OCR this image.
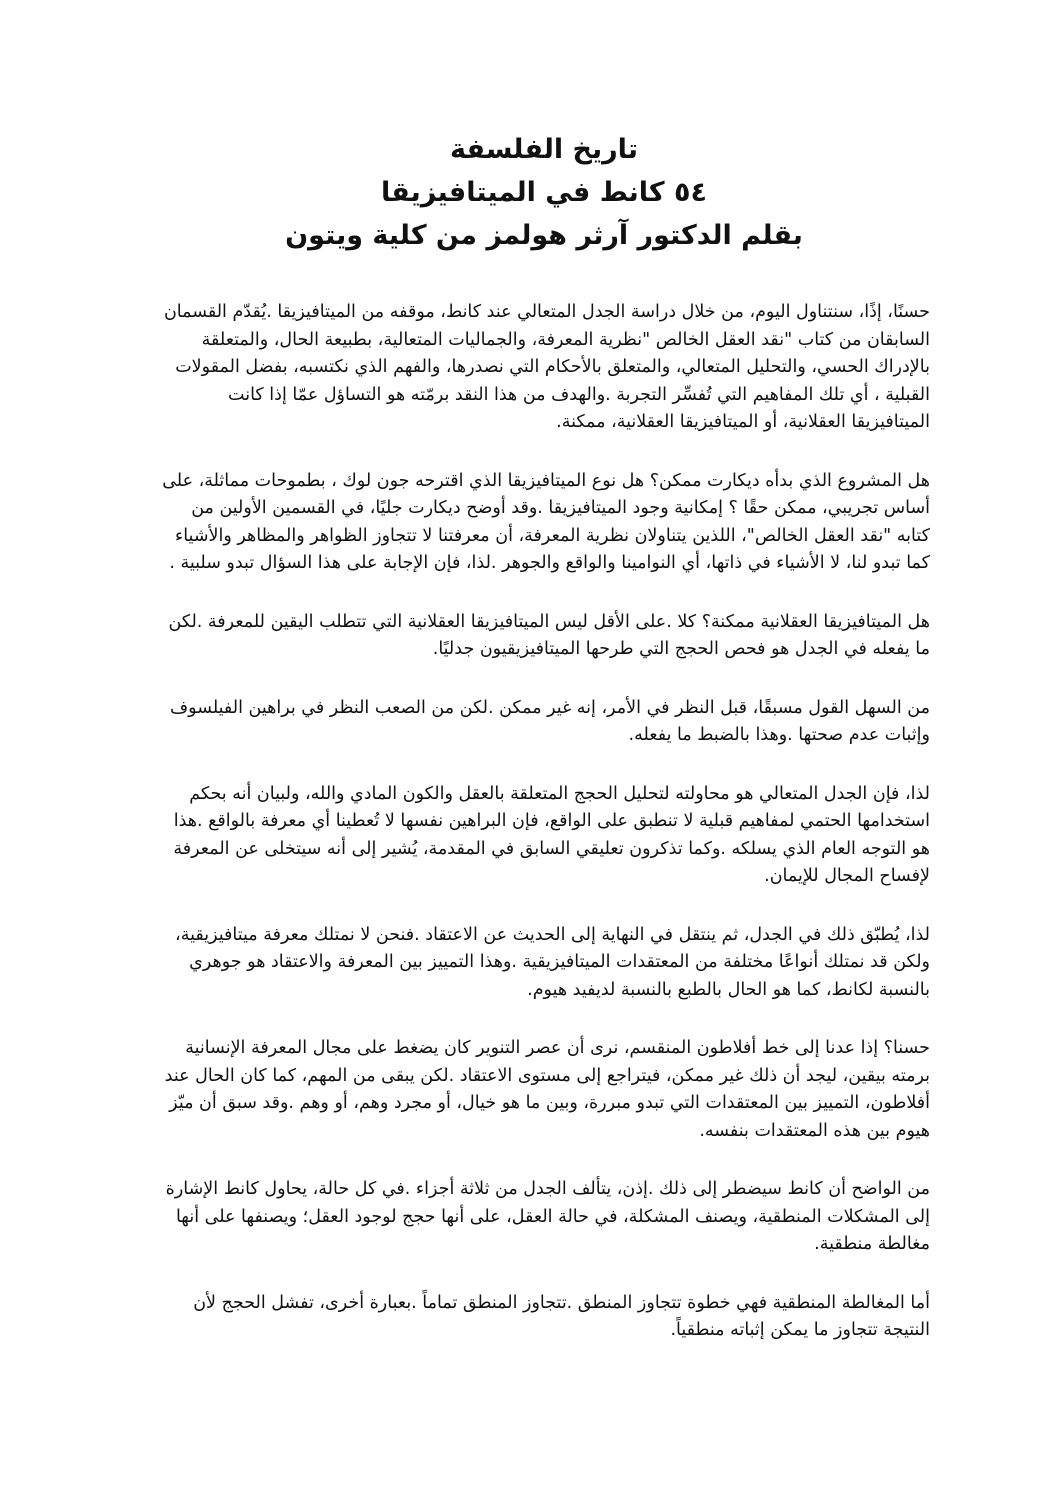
تاريخ الفلسفة

٥٤ كانط في الميتافيزيقا

بقلم الدكتور آرثر هولمز من كلية ويتون

حسنًا، إذًا، سنتناول اليوم، من خلال دراسة الجدل المتعالي عند كانط، موقفه من الميتافيزيقا .يُقدّم القسمان السابقان من كتاب "نقد العقل الخالص "نظرية المعرفة، والجماليات المتعالية، بطبيعة الحال، والمتعلقة بالإدراك الحسي، والتحليل المتعالي، والمتعلق بالأحكام التي نصدرها، والفهم الذي نكتسبه، بفضل المقولات القبلية ، أي تلك المفاهيم التي تُفسِّر التجربة .والهدف من هذا النقد برمّته هو التساؤل عمّا إذا كانت الميتافيزيقا العقلانية، أو الميتافيزيقا العقلانية، ممكنة.

هل المشروع الذي بدأه ديكارت ممكن؟ هل نوع الميتافيزيقا الذي اقترحه جون لوك ، بطموحات مماثلة، على أساس تجريبي، ممكن حقًا ؟ إمكانية وجود الميتافيزيقا .وقد أوضح ديكارت جليًا، في القسمين الأولين من كتابه "نقد العقل الخالص"، اللذين يتناولان نظرية المعرفة، أن معرفتنا لا تتجاوز الظواهر والمظاهر والأشياء كما تبدو لنا، لا الأشياء في ذاتها، أي النوامينا والواقع والجوهر .لذا، فإن الإجابة على هذا السؤال تبدو سلبية .

هل الميتافيزيقا العقلانية ممكنة؟ كلا .على الأقل ليس الميتافيزيقا العقلانية التي تتطلب اليقين للمعرفة .لكن ما يفعله في الجدل هو فحص الحجج التي طرحها الميتافيزيقيون جدليًا.

من السهل القول مسبقًا، قبل النظر في الأمر، إنه غير ممكن .لكن من الصعب النظر في براهين الفيلسوف وإثبات عدم صحتها .وهذا بالضبط ما يفعله.

لذا، فإن الجدل المتعالي هو محاولته لتحليل الحجج المتعلقة بالعقل والكون المادي والله، ولبيان أنه بحكم استخدامها الحتمي لمفاهيم قبلية لا تنطبق على الواقع، فإن البراهين نفسها لا تُعطينا أي معرفة بالواقع .هذا هو التوجه العام الذي يسلكه .وكما تذكرون تعليقي السابق في المقدمة، يُشير إلى أنه سيتخلى عن المعرفة لإفساح المجال للإيمان.

لذا، يُطبّق ذلك في الجدل، ثم ينتقل في النهاية إلى الحديث عن الاعتقاد .فنحن لا نمتلك معرفة ميتافيزيقية، ولكن قد نمتلك أنواعًا مختلفة من المعتقدات الميتافيزيقية .وهذا التمييز بين المعرفة والاعتقاد هو جوهري بالنسبة لكانط، كما هو الحال بالطبع بالنسبة لديفيد هيوم.

حسنا؟ إذا عدنا إلى خط أفلاطون المنقسم، نرى أن عصر التنوير كان يضغط على مجال المعرفة الإنسانية برمته بيقين، ليجد أن ذلك غير ممكن، فيتراجع إلى مستوى الاعتقاد .لكن يبقى من المهم، كما كان الحال عند أفلاطون، التمييز بين المعتقدات التي تبدو مبررة، وبين ما هو خيال، أو مجرد وهم، أو وهم .وقد سبق أن ميّز هيوم بين هذه المعتقدات بنفسه.

من الواضح أن كانط سيضطر إلى ذلك .إذن، يتألف الجدل من ثلاثة أجزاء .في كل حالة، يحاول كانط الإشارة إلى المشكلات المنطقية، ويصنف المشكلة، في حالة العقل، على أنها حجج لوجود العقل؛ ويصنفها على أنها مغالطة منطقية.

أما المغالطة المنطقية فهي خطوة تتجاوز المنطق .تتجاوز المنطق تماماً .بعبارة أخرى، تفشل الحجج لأن النتيجة تتجاوز ما يمكن إثباته منطقياً.
